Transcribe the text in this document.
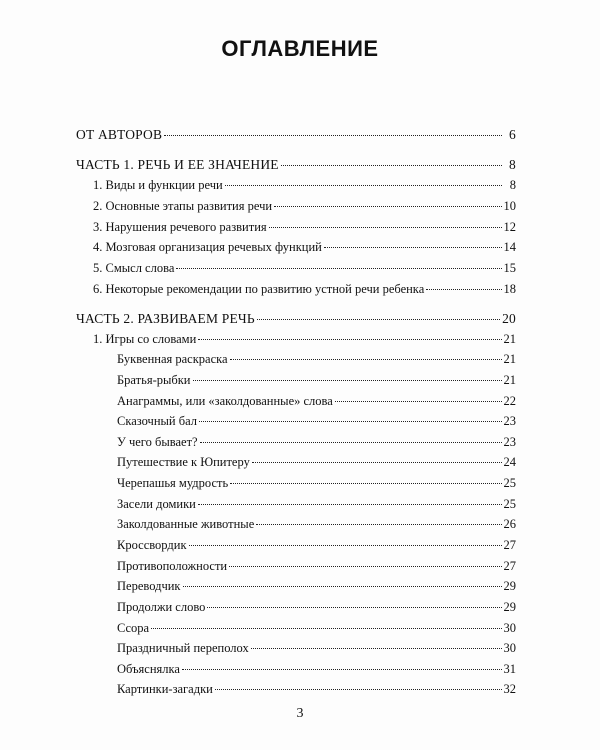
ОГЛАВЛЕНИЕ
ОТ АВТОРОВ	6
ЧАСТЬ 1. РЕЧЬ И ЕЕ ЗНАЧЕНИЕ	8
1. Виды и функции речи	8
2. Основные этапы развития речи	10
3. Нарушения речевого развития	12
4. Мозговая организация речевых функций	14
5. Смысл слова	15
6. Некоторые рекомендации по развитию устной речи ребенка	18
ЧАСТЬ 2. РАЗВИВАЕМ РЕЧЬ	20
1. Игры со словами	21
Буквенная раскраска	21
Братья-рыбки	21
Анаграммы, или «заколдованные» слова	22
Сказочный бал	23
У чего бывает?	23
Путешествие к Юпитеру	24
Черепашья мудрость	25
Засели домики	25
Заколдованные животные	26
Кроссвордик	27
Противоположности	27
Переводчик	29
Продолжи слово	29
Ссора	30
Праздничный переполох	30
Объяснялка	31
Картинки-загадки	32
3
